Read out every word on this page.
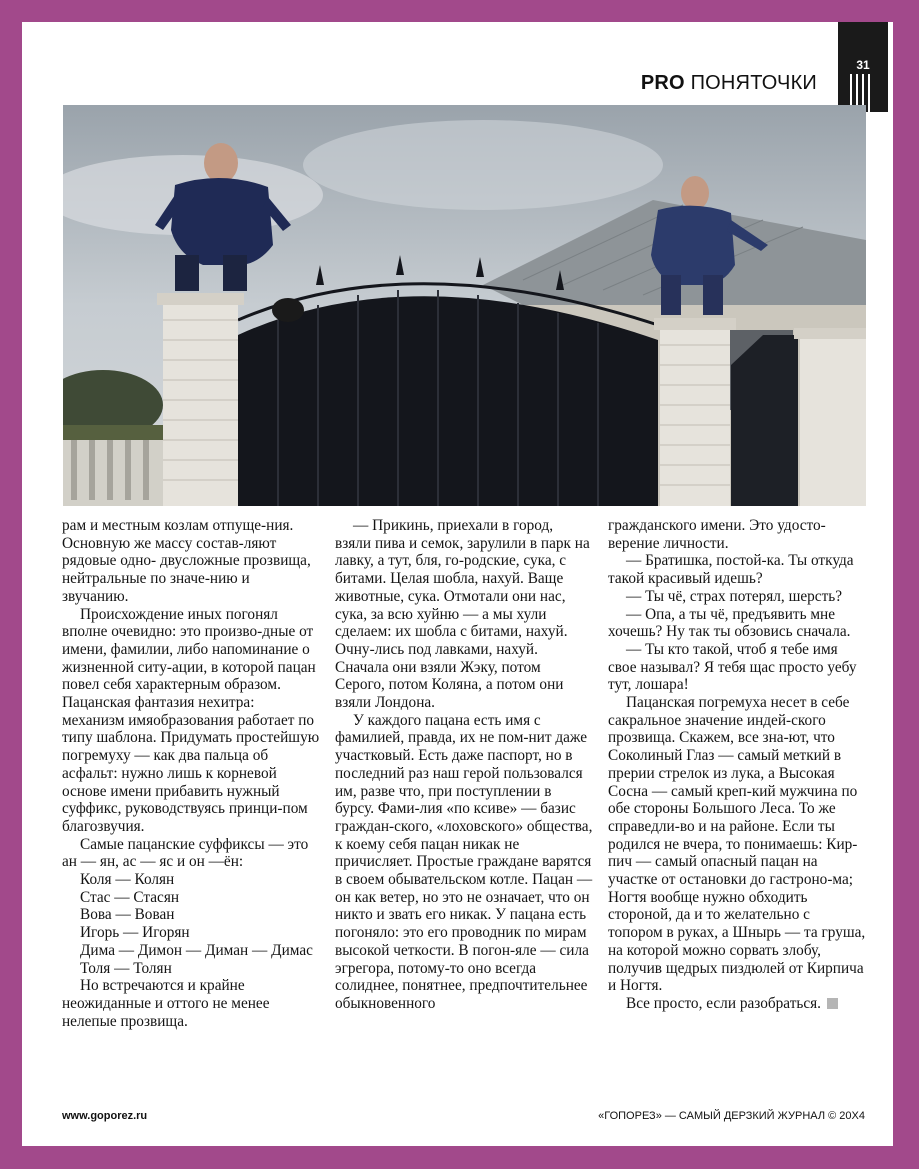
31
PRO ПОНЯТОЧКИ

рам и местным козлам отпуще-ния. Основную же массу состав-ляют рядовые одно- двусложные прозвища, нейтральные по значе-нию и звучанию.

Происхождение иных погонял вполне очевидно: это произво-дные от имени, фамилии, либо напоминание о жизненной ситу-ации, в которой пацан повел себя характерным образом. Пацанская фантазия нехитра: механизм имяобразования работает по типу шаблона. Придумать простейшую погремуху — как два пальца об асфальт: нужно лишь к корневой основе имени прибавить нужный суффикс, руководствуясь принци-пом благозвучия.

Самые пацанские суффиксы — это ан — ян, ас — яс и он —ён:

Коля — Колян

Стас — Стасян

Вова — Вован

Игорь — Игорян

Дима — Димон — Диман — Димас

Толя — Толян

Но встречаются и крайне неожиданные и оттого не менее нелепые прозвища.

— Прикинь, приехали в город, взяли пива и семок, зарулили в парк на лавку, а тут, бля, го-родские, сука, с битами. Целая шобла, нахуй. Ваще животные, сука. Отмотали они нас, сука, за всю хуйню — а мы хули сделаем: их шобла с битами, нахуй. Очну-лись под лавками, нахуй. Сначала они взяли Жэку, потом Серого, потом Коляна, а потом они взяли Лондона.

У каждого пацана есть имя с фамилией, правда, их не пом-нит даже участковый. Есть даже паспорт, но в последний раз наш герой пользовался им, разве что, при поступлении в бурсу. Фами-лия «по ксиве» — базис граждан-ского, «лоховского» общества, к коему себя пацан никак не причисляет. Простые граждане варятся в своем обывательском котле. Пацан — он как ветер, но это не означает, что он никто и звать его никак. У пацана есть погоняло: это его проводник по мирам высокой четкости. В погон-яле — сила эгрегора, потому-то оно всегда солиднее, понятнее, предпочтительнее обыкновенного

гражданского имени. Это удосто-верение личности.

— Братишка, постой-ка. Ты откуда такой красивый идешь?

— Ты чё, страх потерял, шерсть?

— Опа, а ты чё, предъявить мне хочешь? Ну так ты обзовись сначала.

— Ты кто такой, чтоб я тебе имя свое называл? Я тебя щас просто уебу тут, лошара!

Пацанская погремуха несет в себе сакральное значение индей-ского прозвища. Скажем, все зна-ют, что Соколиный Глаз — самый меткий в прерии стрелок из лука, а Высокая Сосна — самый креп-кий мужчина по обе стороны Большого Леса. То же справедли-во и на районе. Если ты родился не вчера, то понимаешь: Кир-пич — самый опасный пацан на участке от остановки до гастроно-ма; Ногтя вообще нужно обходить стороной, да и то желательно с топором в руках, а Шнырь — та груша, на которой можно сорвать злобу, получив щедрых пиздюлей от Кирпича и Ногтя.

Все просто, если разобраться.

www.goporez.ru	«ГОПОРЕЗ» — САМЫЙ ДЕРЗКИЙ ЖУРНАЛ © 20Х4
